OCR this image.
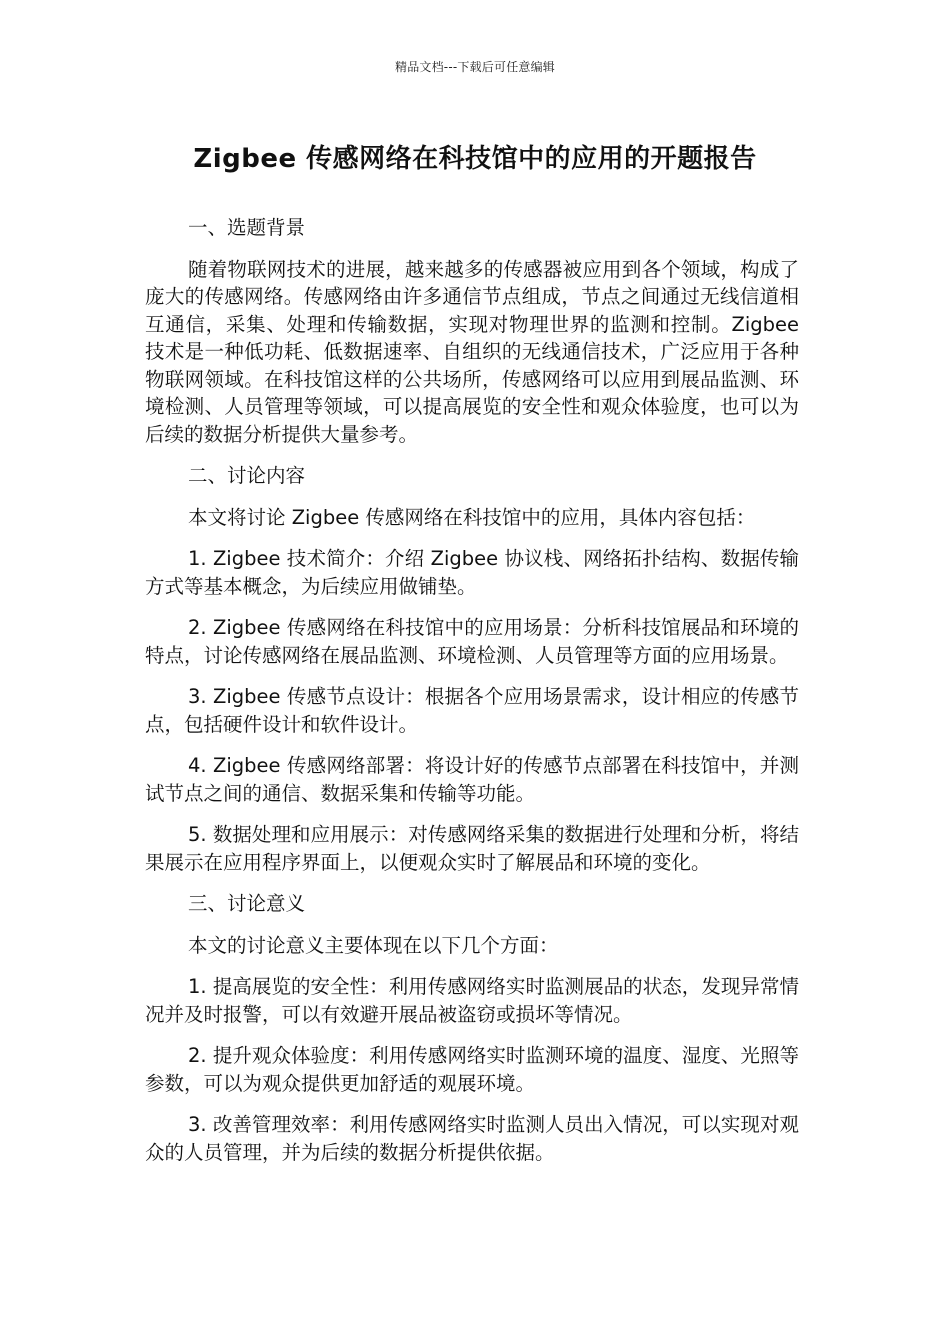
精品文档---下载后可任意编辑
Zigbee 传感网络在科技馆中的应用的开题报告

一、选题背景

随着物联网技术的进展，越来越多的传感器被应用到各个领域，构成了庞大的传感网络。传感网络由许多通信节点组成，节点之间通过无线信道相互通信，采集、处理和传输数据，实现对物理世界的监测和控制。Zigbee 技术是一种低功耗、低数据速率、自组织的无线通信技术，广泛应用于各种物联网领域。在科技馆这样的公共场所，传感网络可以应用到展品监测、环境检测、人员管理等领域，可以提高展览的安全性和观众体验度，也可以为后续的数据分析提供大量参考。

二、讨论内容

本文将讨论 Zigbee 传感网络在科技馆中的应用，具体内容包括：

1. Zigbee 技术简介：介绍 Zigbee 协议栈、网络拓扑结构、数据传输方式等基本概念，为后续应用做铺垫。

2. Zigbee 传感网络在科技馆中的应用场景：分析科技馆展品和环境的特点，讨论传感网络在展品监测、环境检测、人员管理等方面的应用场景。

3. Zigbee 传感节点设计：根据各个应用场景需求，设计相应的传感节点，包括硬件设计和软件设计。

4. Zigbee 传感网络部署：将设计好的传感节点部署在科技馆中，并测试节点之间的通信、数据采集和传输等功能。

5. 数据处理和应用展示：对传感网络采集的数据进行处理和分析，将结果展示在应用程序界面上，以便观众实时了解展品和环境的变化。

三、讨论意义

本文的讨论意义主要体现在以下几个方面：

1. 提高展览的安全性：利用传感网络实时监测展品的状态，发现异常情况并及时报警，可以有效避开展品被盗窃或损坏等情况。

2. 提升观众体验度：利用传感网络实时监测环境的温度、湿度、光照等参数，可以为观众提供更加舒适的观展环境。

3. 改善管理效率：利用传感网络实时监测人员出入情况，可以实现对观众的人员管理，并为后续的数据分析提供依据。
